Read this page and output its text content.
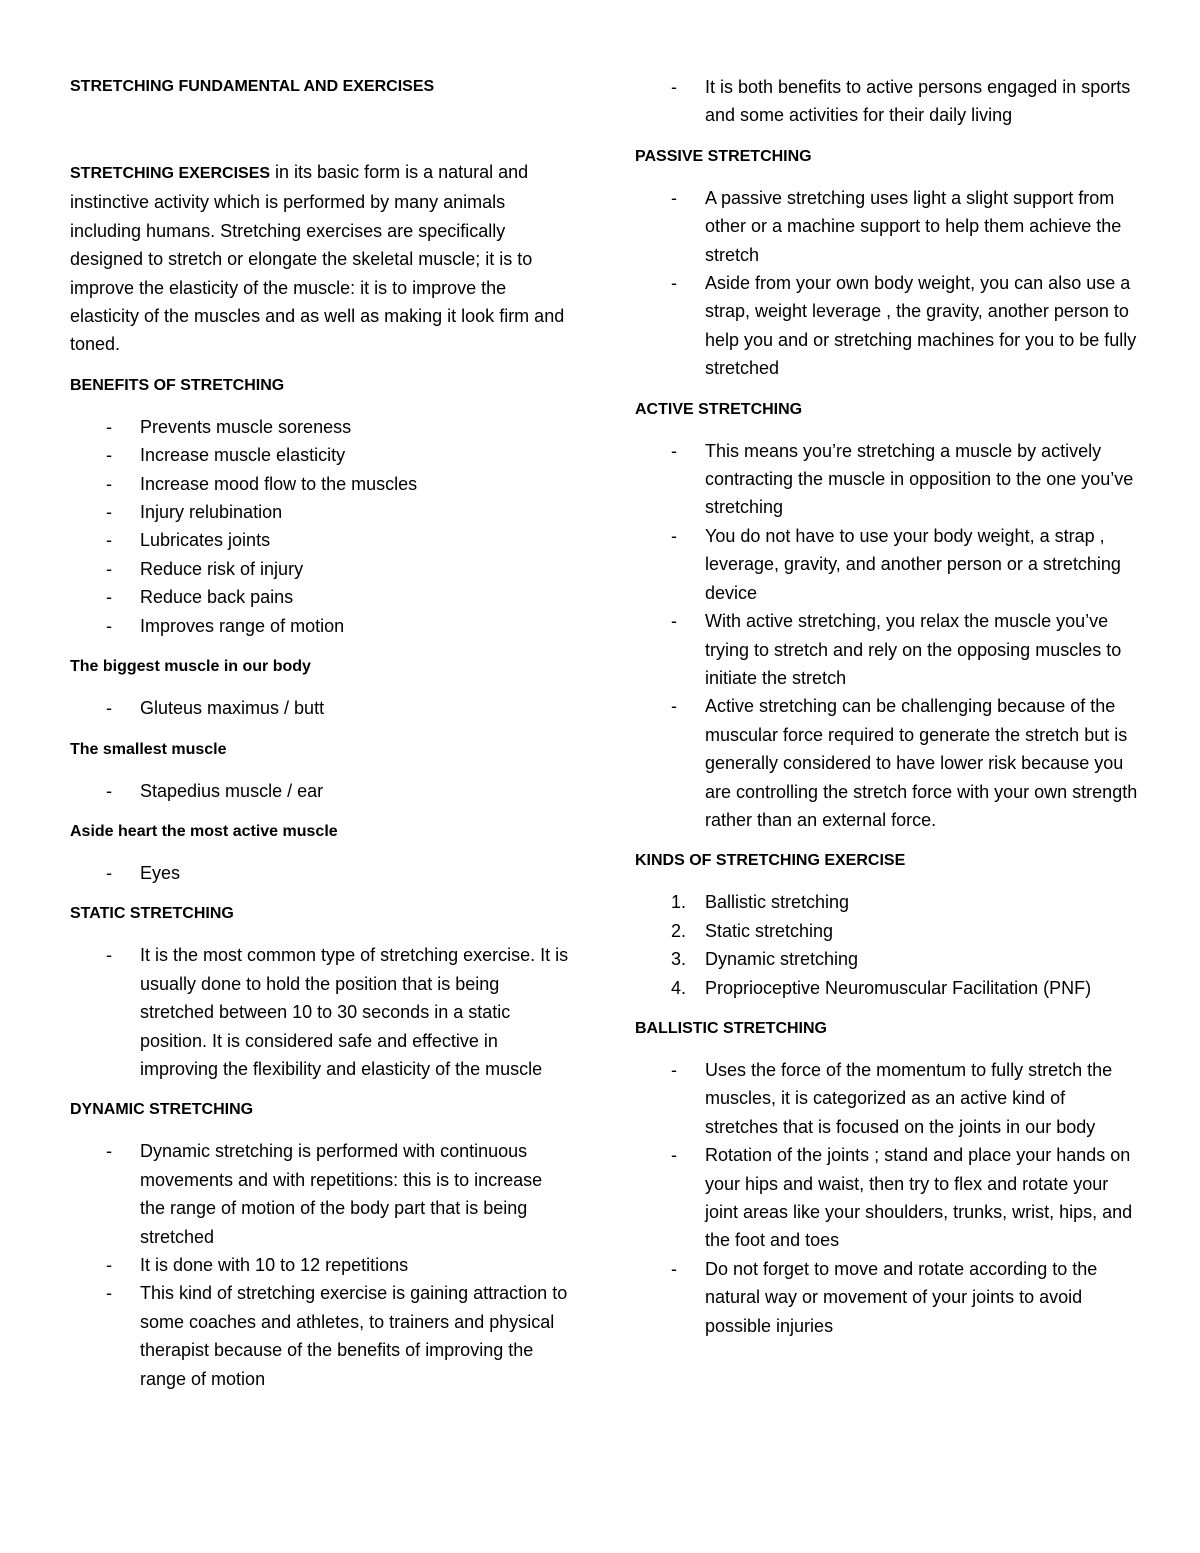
STRETCHING FUNDAMENTAL AND EXERCISES

STRETCHING EXERCISES in its basic form is a natural and instinctive activity which is performed by many animals including humans. Stretching exercises are specifically designed to stretch or elongate the skeletal muscle; it is to improve the elasticity of the muscle: it is to improve the elasticity of the muscles and as well as making it look firm and toned.

BENEFITS OF STRETCHING
- Prevents muscle soreness
- Increase muscle elasticity
- Increase mood flow to the muscles
- Injury relubination
- Lubricates joints
- Reduce risk of injury
- Reduce back pains
- Improves range of motion
The biggest muscle in our body
- Gluteus maximus / butt
The smallest muscle
- Stapedius muscle / ear
Aside heart the most active muscle
- Eyes
STATIC STRETCHING
- It is the most common type of stretching exercise. It is usually done to hold the position that is being stretched between 10 to 30 seconds in a static position. It is considered safe and effective in improving the flexibility and elasticity of the muscle
DYNAMIC STRETCHING
- Dynamic stretching is performed with continuous movements and with repetitions: this is to increase the range of motion of the body part that is being stretched
- It is done with 10 to 12 repetitions
- This kind of stretching exercise is gaining attraction to some coaches and athletes, to trainers and physical therapist because of the benefits of improving the range of motion
- It is both benefits to active persons engaged in sports and some activities for their daily living
PASSIVE STRETCHING
- A passive stretching uses light a slight support from other or a machine support to help them achieve the stretch
- Aside from your own body weight, you can also use a strap, weight leverage , the gravity, another person to help you and or stretching machines for you to be fully stretched
ACTIVE STRETCHING
- This means you’re stretching a muscle by actively contracting the muscle in opposition to the one you’ve stretching
- You do not have to use your body weight, a strap , leverage, gravity, and another person or a stretching device
- With active stretching, you relax the muscle you’ve trying to stretch and rely on the opposing muscles to initiate the stretch
- Active stretching can be challenging because of the muscular force required to generate the stretch but is generally considered to have lower risk because you are controlling the stretch force with your own strength rather than an external force.
KINDS OF STRETCHING EXERCISE
1. Ballistic stretching
2. Static stretching
3. Dynamic stretching
4. Proprioceptive Neuromuscular Facilitation (PNF)
BALLISTIC STRETCHING
- Uses the force of the momentum to fully stretch the muscles, it is categorized as an active kind of stretches that is focused on the joints in our body
- Rotation of the joints ; stand and place your hands on your hips and waist, then try to flex and rotate your joint areas like your shoulders, trunks, wrist, hips, and the foot and toes
- Do not forget to move and rotate according to the natural way or movement of your joints to avoid possible injuries
